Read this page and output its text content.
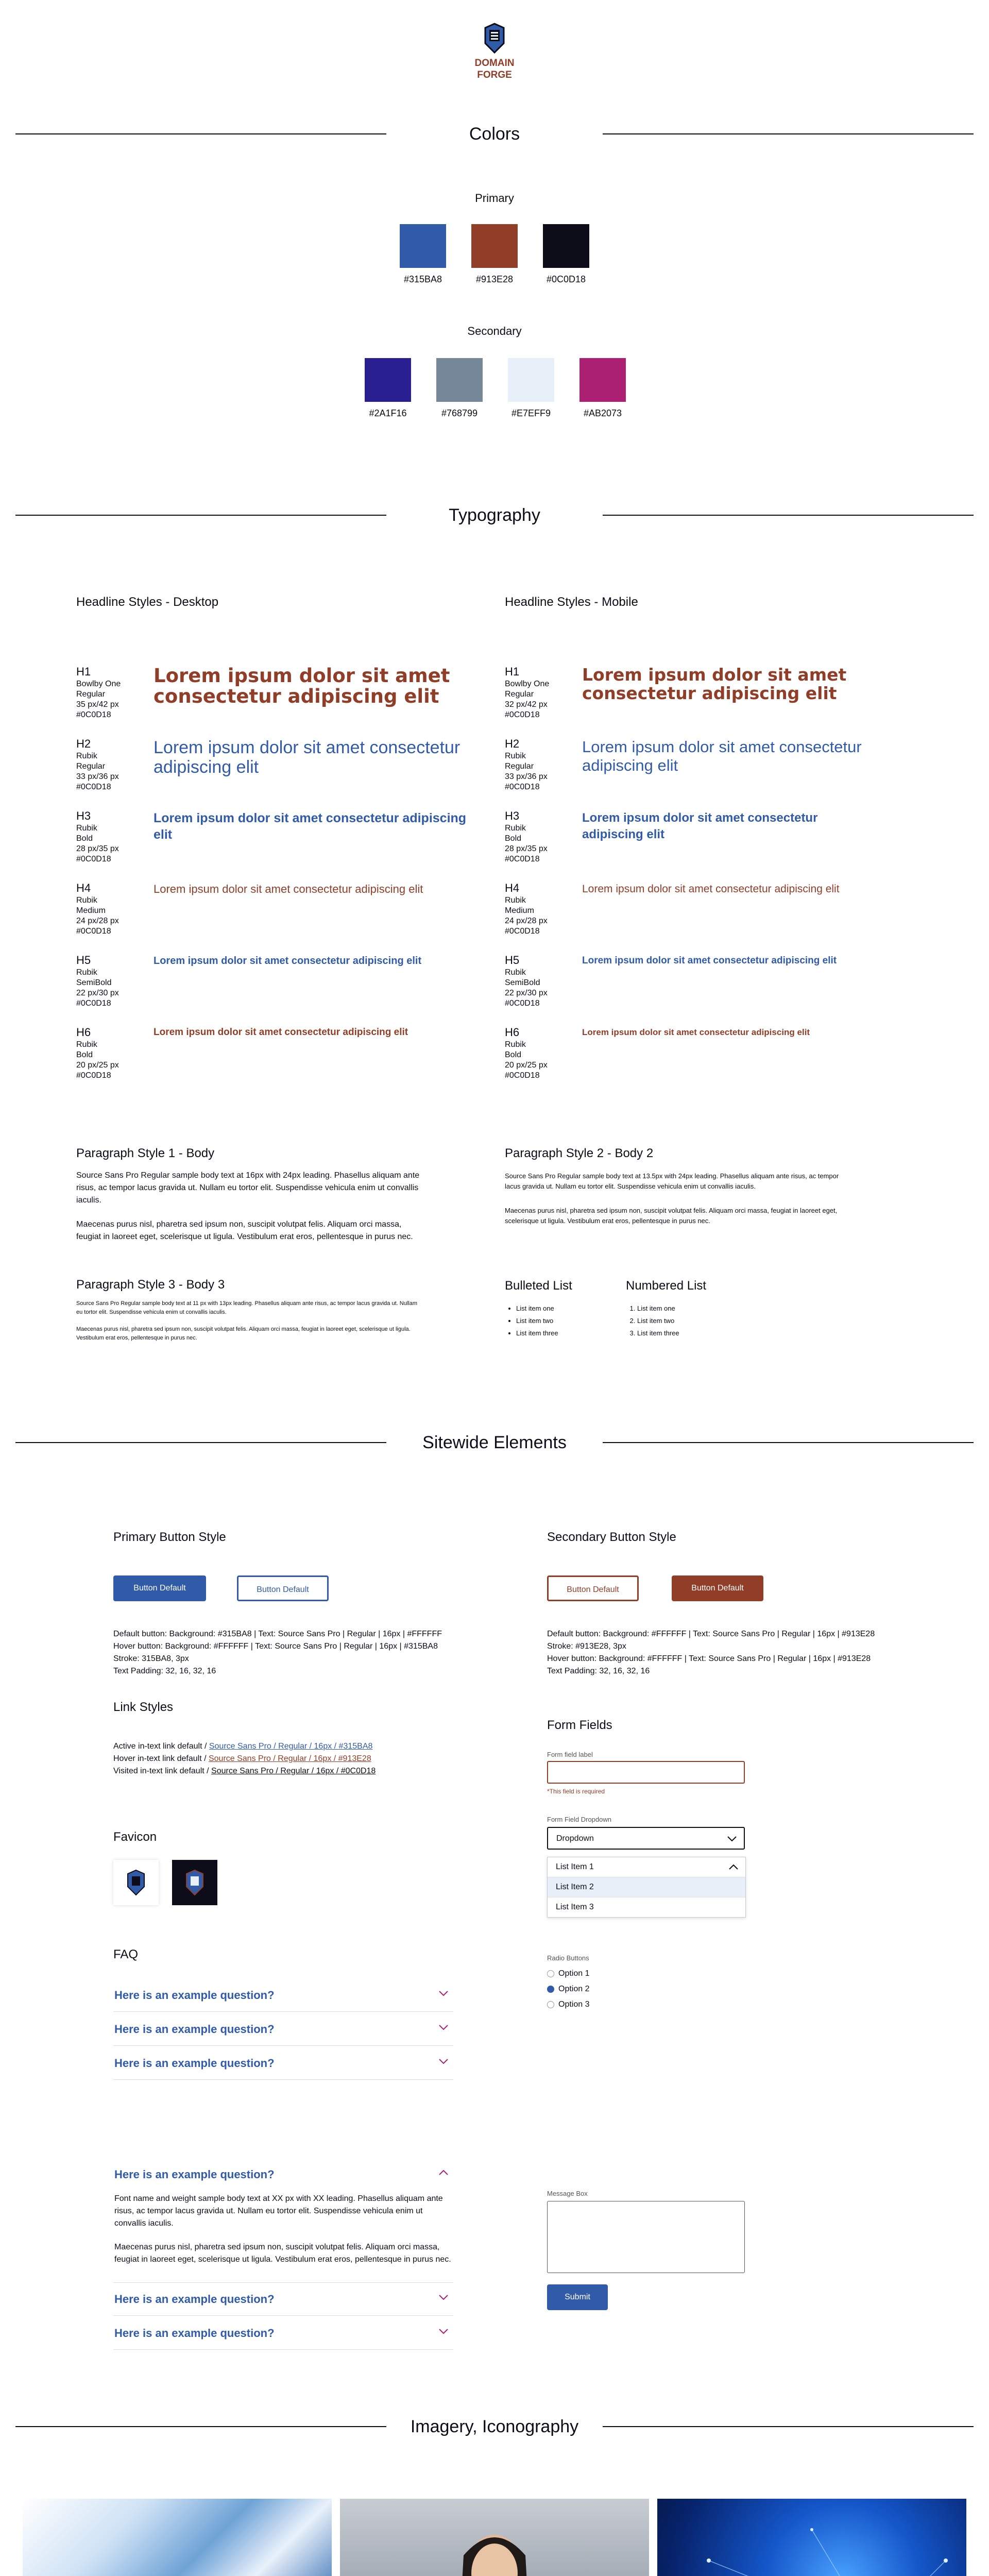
DOMAIN
FORGE
Colors
Primary
#315BA8	#913E28	#0C0D18
Secondary
#2A1F16	#768799	#E7EFF9	#AB2073
Typography
Headline Styles - Desktop	Headline Styles - Mobile
H1
Bowlby One
Regular
35 px/42 px
#0C0D18
Lorem ipsum dolor sit amet consectetur adipiscing elit
H2
Rubik
Regular
33 px/36 px
#0C0D18
Lorem ipsum dolor sit amet consectetur adipiscing elit
H3
Rubik
Bold
28 px/35 px
#0C0D18
Lorem ipsum dolor sit amet consectetur adipiscing elit
H4
Rubik
Medium
24 px/28 px
#0C0D18
Lorem ipsum dolor sit amet consectetur adipiscing elit
H5
Rubik
SemiBold
22 px/30 px
#0C0D18
Lorem ipsum dolor sit amet consectetur adipiscing elit
H6
Rubik
Bold
20 px/25 px
#0C0D18
Lorem ipsum dolor sit amet consectetur adipiscing elit
H1
Bowlby One
Regular
32 px/42 px
#0C0D18
Lorem ipsum dolor sit amet consectetur adipiscing elit
H2
Rubik
Regular
33 px/36 px
#0C0D18
Lorem ipsum dolor sit amet consectetur adipiscing elit
H3
Rubik
Bold
28 px/35 px
#0C0D18
Lorem ipsum dolor sit amet consectetur adipiscing elit
H4
Rubik
Medium
24 px/28 px
#0C0D18
Lorem ipsum dolor sit amet consectetur adipiscing elit
H5
Rubik
SemiBold
22 px/30 px
#0C0D18
Lorem ipsum dolor sit amet consectetur adipiscing elit
H6
Rubik
Bold
20 px/25 px
#0C0D18
Lorem ipsum dolor sit amet consectetur adipiscing elit
Paragraph Style 1 - Body
Source Sans Pro Regular sample body text at 16px with 24px leading. Phasellus aliquam ante risus, ac tempor lacus gravida ut. Nullam eu tortor elit. Suspendisse vehicula enim ut convallis iaculis.
Maecenas purus nisl, pharetra sed ipsum non, suscipit volutpat felis. Aliquam orci massa, feugiat in laoreet eget, scelerisque ut ligula. Vestibulum erat eros, pellentesque in purus nec.
Paragraph Style 2 - Body 2
Source Sans Pro Regular sample body text at 13.5px with 24px leading. Phasellus aliquam ante risus, ac tempor lacus gravida ut. Nullam eu tortor elit. Suspendisse vehicula enim ut convallis iaculis.
Maecenas purus nisl, pharetra sed ipsum non, suscipit volutpat felis. Aliquam orci massa, feugiat in laoreet eget, scelerisque ut ligula. Vestibulum erat eros, pellentesque in purus nec.
Paragraph Style 3 - Body 3
Source Sans Pro Regular sample body text at 11 px with 13px leading. Phasellus aliquam ante risus, ac tempor lacus gravida ut. Nullam eu tortor elit. Suspendisse vehicula enim ut convallis iaculis.
Maecenas purus nisl, pharetra sed ipsum non, suscipit volutpat felis. Aliquam orci massa, feugiat in laoreet eget, scelerisque ut ligula. Vestibulum erat eros, pellentesque in purus nec.
Bulleted List
• List item one
• List item two
• List item three
Numbered List
1. List item one
2. List item two
3. List item three
Sitewide Elements
Primary Button Style
Button Default	Button Default
Default button: Background: #315BA8 | Text: Source Sans Pro | Regular | 16px | #FFFFFF
Hover button: Background: #FFFFFF | Text: Source Sans Pro | Regular | 16px | #315BA8
Stroke: 315BA8, 3px
Text Padding: 32, 16, 32, 16
Secondary Button Style
Button Default	Button Default
Default button: Background: #FFFFFF | Text: Source Sans Pro | Regular | 16px | #913E28
Stroke: #913E28, 3px
Hover button: Background: #FFFFFF | Text: Source Sans Pro | Regular | 16px | #913E28
Text Padding: 32, 16, 32, 16
Link Styles
Active in-text link default / Source Sans Pro / Regular / 16px / #315BA8
Hover in-text link default / Source Sans Pro / Regular / 16px / #913E28
Visited in-text link default / Source Sans Pro / Regular / 16px / #0C0D18
Favicon
FAQ
Here is an example question?
Here is an example question?
Here is an example question?
Here is an example question?
Font name and weight sample body text at XX px with XX leading. Phasellus aliquam ante risus, ac tempor lacus gravida ut. Nullam eu tortor elit. Suspendisse vehicula enim ut convallis iaculis.
Maecenas purus nisl, pharetra sed ipsum non, suscipit volutpat felis. Aliquam orci massa, feugiat in laoreet eget, scelerisque ut ligula. Vestibulum erat eros, pellentesque in purus nec.
Here is an example question?
Here is an example question?
Form Fields
Form field label
*This field is required
Form Field Dropdown
Dropdown
List Item 1
List Item 2
List Item 3
Radio Buttons
Option 1
Option 2
Option 3
Message Box
Submit
Imagery, Iconography
